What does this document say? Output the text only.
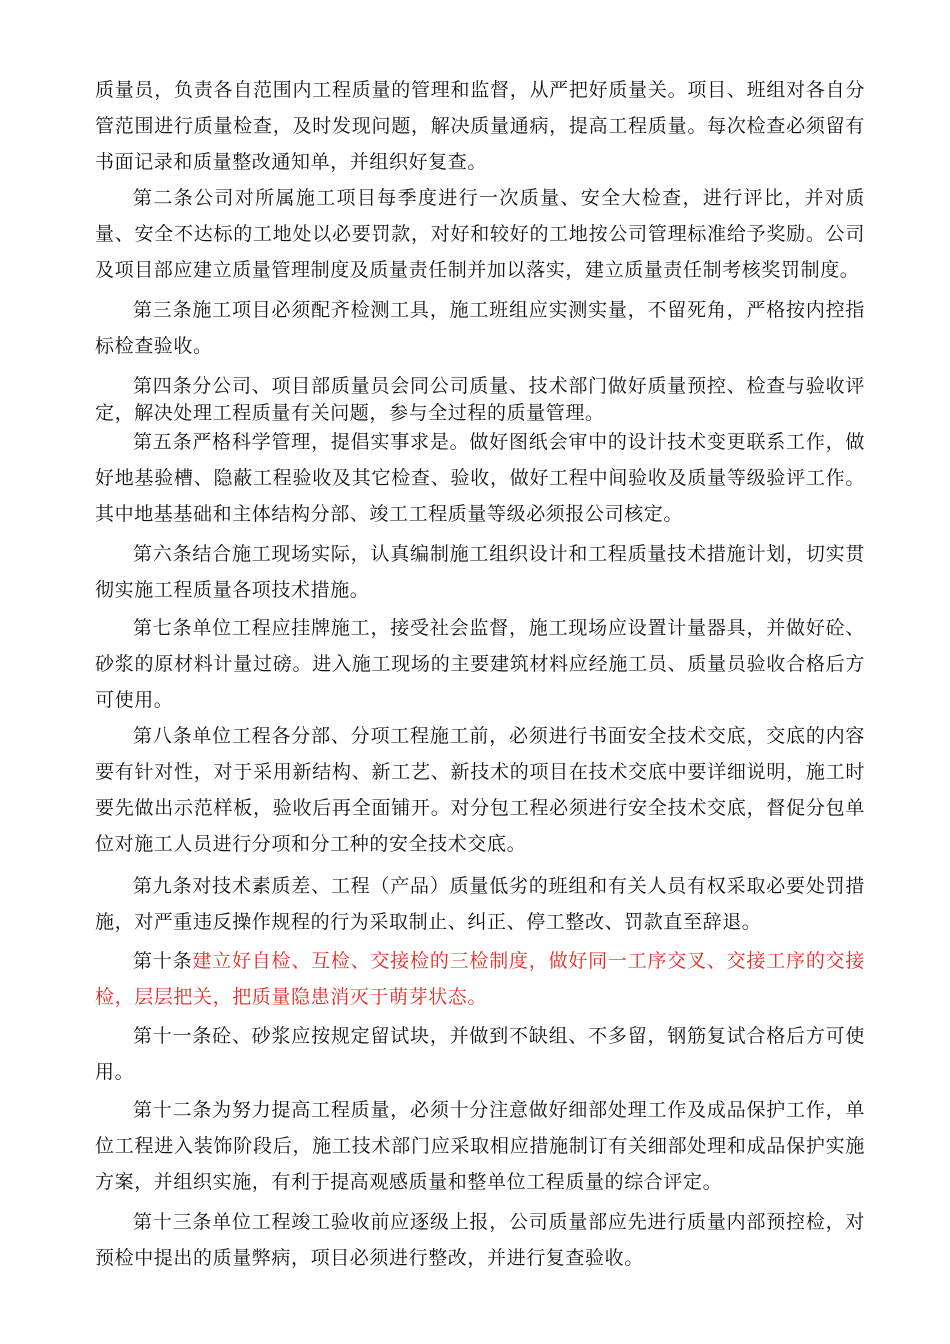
质量员，负责各自范围内工程质量的管理和监督，从严把好质量关。项目、班组对各自分管范围进行质量检查，及时发现问题，解决质量通病，提高工程质量。每次检查必须留有书面记录和质量整改通知单，并组织好复查。

第二条公司对所属施工项目每季度进行一次质量、安全大检查，进行评比，并对质量、安全不达标的工地处以必要罚款，对好和较好的工地按公司管理标准给予奖励。公司及项目部应建立质量管理制度及质量责任制并加以落实，建立质量责任制考核奖罚制度。

第三条施工项目必须配齐检测工具，施工班组应实测实量，不留死角，严格按内控指标检查验收。

第四条分公司、项目部质量员会同公司质量、技术部门做好质量预控、检查与验收评定，解决处理工程质量有关问题，参与全过程的质量管理。

第五条严格科学管理，提倡实事求是。做好图纸会审中的设计技术变更联系工作，做好地基验槽、隐蔽工程验收及其它检查、验收，做好工程中间验收及质量等级验评工作。其中地基基础和主体结构分部、竣工工程质量等级必须报公司核定。

第六条结合施工现场实际，认真编制施工组织设计和工程质量技术措施计划，切实贯彻实施工程质量各项技术措施。

第七条单位工程应挂牌施工，接受社会监督，施工现场应设置计量器具，并做好砼、砂浆的原材料计量过磅。进入施工现场的主要建筑材料应经施工员、质量员验收合格后方可使用。

第八条单位工程各分部、分项工程施工前，必须进行书面安全技术交底，交底的内容要有针对性，对于采用新结构、新工艺、新技术的项目在技术交底中要详细说明，施工时要先做出示范样板，验收后再全面铺开。对分包工程必须进行安全技术交底，督促分包单位对施工人员进行分项和分工种的安全技术交底。

第九条对技术素质差、工程（产品）质量低劣的班组和有关人员有权采取必要处罚措施，对严重违反操作规程的行为采取制止、纠正、停工整改、罚款直至辞退。

第十条建立好自检、互检、交接检的三检制度，做好同一工序交叉、交接工序的交接检，层层把关，把质量隐患消灭于萌芽状态。

第十一条砼、砂浆应按规定留试块，并做到不缺组、不多留，钢筋复试合格后方可使用。

第十二条为努力提高工程质量，必须十分注意做好细部处理工作及成品保护工作，单位工程进入装饰阶段后，施工技术部门应采取相应措施制订有关细部处理和成品保护实施方案，并组织实施，有利于提高观感质量和整单位工程质量的综合评定。

第十三条单位工程竣工验收前应逐级上报，公司质量部应先进行质量内部预控检，对预检中提出的质量弊病，项目必须进行整改，并进行复查验收。
